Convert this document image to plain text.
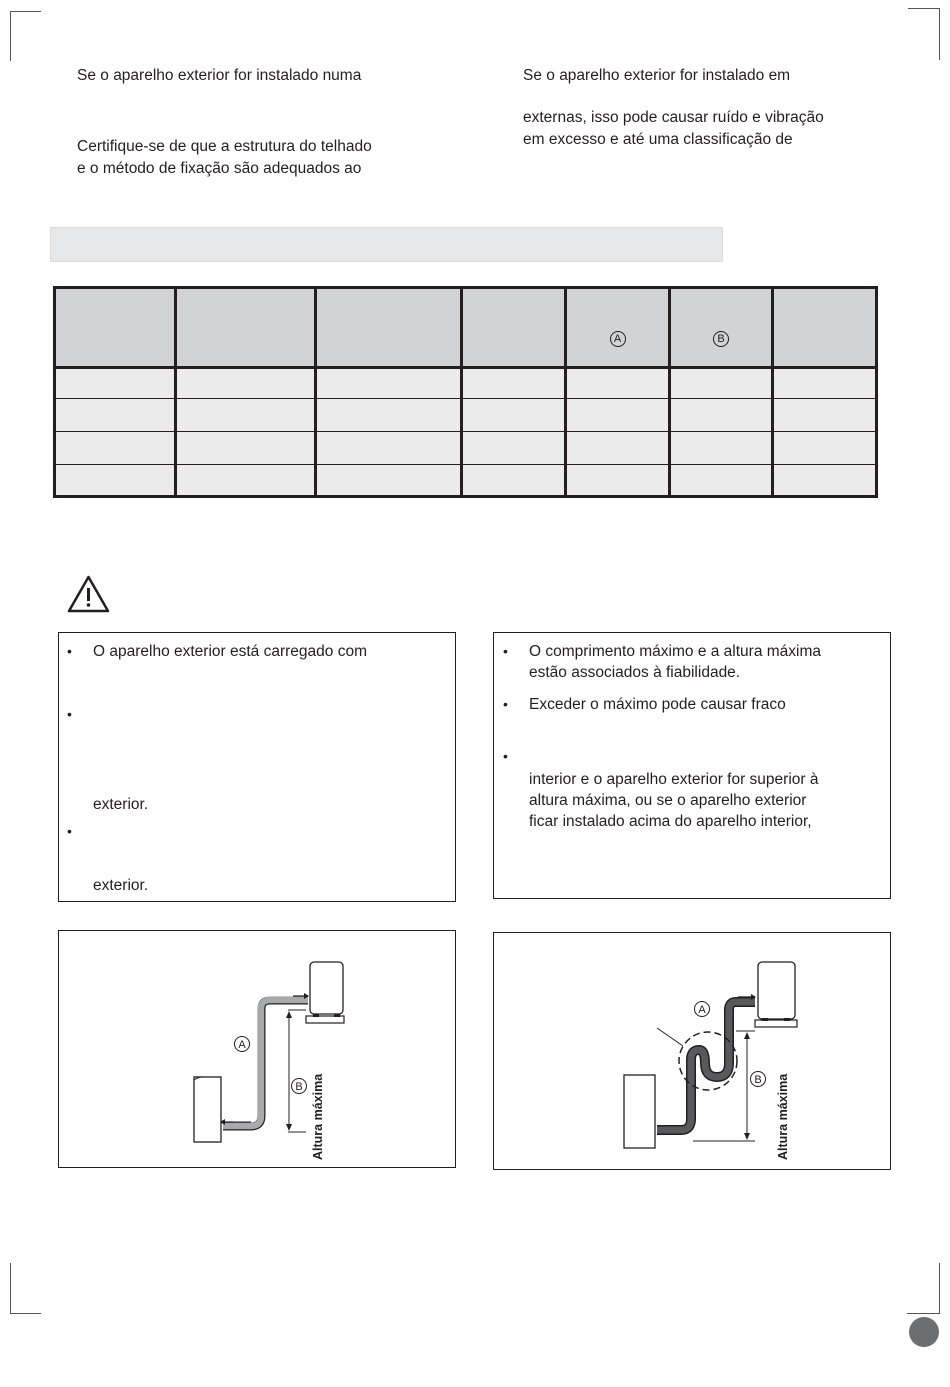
Se o aparelho exterior for instalado numa

Certifique-se de que a estrutura do telhado

e o método de fixação são adequados ao

Se o aparelho exterior for instalado em

externas, isso pode causar ruído e vibração

em excesso e até uma classificação de

				A	B	

• O aparelho exterior está carregado com
•
exterior.
•
exterior.
• O comprimento máximo e a altura máxima
estão associados à fiabilidade.
• Exceder o máximo pode causar fraco
•
interior e o aparelho exterior for superior à
altura máxima, ou se o aparelho exterior
ficar instalado acima do aparelho interior,
A
B Altura máxima
A
B Altura máxima
